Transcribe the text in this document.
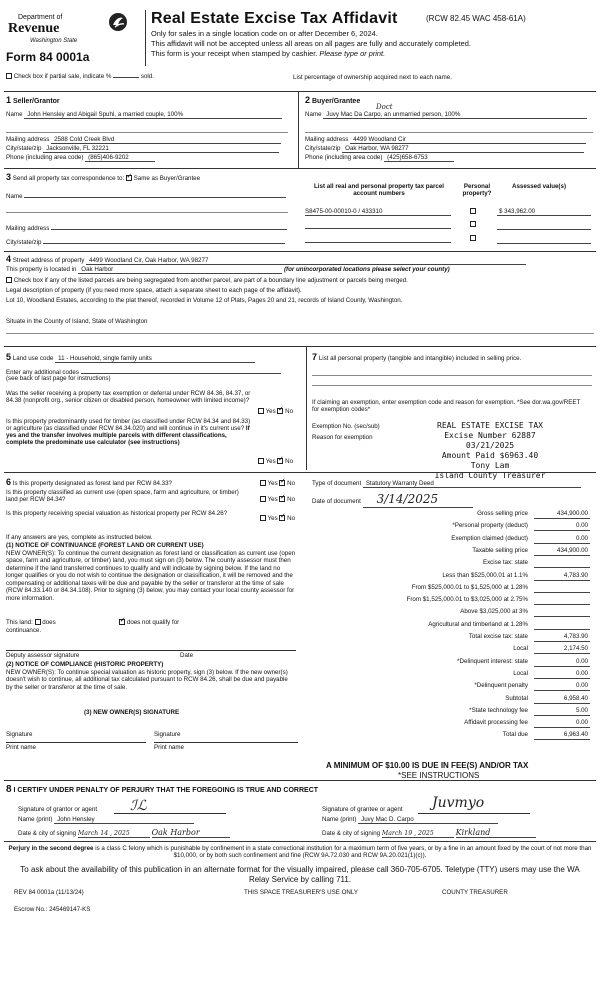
Department of
Revenue
Washington State
Form 84 0001a
Real Estate Excise Tax Affidavit	(RCW 82.45 WAC 458-61A)
Only for sales in a single location code on or after December 6, 2024.
This affidavit will not be accepted unless all areas on all pages are fully and accurately completed.
This form is your receipt when stamped by cashier. Please type or print.
Check box if partial sale, indicate %	sold.	List percentage of ownership acquired next to each name.
1 Seller/Grantor
Name John Hensley and Abigail Spuhl, a married couple, 100%
Mailing address 2588 Cold Creek Blvd
City/state/zip Jacksonville, FL 32221
Phone (including area code) (865)406-9202
2 Buyer/Grantee
Doct
Name Juvy Mac Da Carpo, an unmarried person, 100%
Mailing address 4499 Woodland Cir
City/state/zip Oak Harbor, WA 98277
Phone (including area code) (425)658-6753
3 Send all property tax correspondence to: ✓ Same as Buyer/Grantee
Name
Mailing address
City/state/zip
List all real and personal property tax parcel account numbers
Personal property?
Assessed value(s)
S8475-00-00010-0 / 433310	$ 343,962.00
4 Street address of property 4499 Woodland Cir, Oak Harbor, WA 98277
This property is located in Oak Harbor	(for unincorporated locations please select your county)
Check box if any of the listed parcels are being segregated from another parcel, are part of a boundary line adjustment or parcels being merged.
Legal description of property (if you need more space, attach a separate sheet to each page of the affidavit).
Lot 10, Woodland Estates, according to the plat thereof, recorded in Volume 12 of Plats, Pages 20 and 21, records of Island County, Washington.
Situate in the County of Island, State of Washington
5 Land use code 11 - Household, single family units
Enter any additional codes
(see back of last page for instructions)
Was the seller receiving a property tax exemption or deferral under RCW 84.36, 84.37, or 84.38 (nonprofit org., senior citizen or disabled person, homeowner with limited income)?
Yes ✓ No
Is this property predominantly used for timber (as classified under RCW 84.34 and 84.33) or agriculture (as classified under RCW 84.34.020) and will continue in it's current use? If yes and the transfer involves multiple parcels with different classifications, complete the predominate use calculator (see instructions)
Yes ✓ No
7 List all personal property (tangible and intangible) included in selling price.
If claiming an exemption, enter exemption code and reason for exemption. *See dor.wa.gov/REET for exemption codes*
Exemption No. (sec/sub)
Reason for exemption
REAL ESTATE EXCISE TAX
Excise Number 62887
03/21/2025
Amount Paid $6963.40
Tony Lam
Island County Treasurer
6 Is this property designated as forest land per RCW 84.33?	Yes ✓ No
Is this property classified as current use (open space, farm and agriculture, or timber) land per RCW 84.34?	Yes ✓ No
Is this property receiving special valuation as historical property per RCW 84.26?
Yes ✓ No
If any answers are yes, complete as instructed below.
(1) NOTICE OF CONTINUANCE (FOREST LAND OR CURRENT USE)
NEW OWNER(S): To continue the current designation as forest land or classification as current use (open space, farm and agriculture, or timber) land, you must sign on (3) below. The county assessor must then determine if the land transferred continues to qualify and will indicate by signing below. If the land no longer qualifies or you do not wish to continue the designation or classification, it will be removed and the compensating or additional taxes will be due and payable by the seller or transferor at the time of sale (RCW 84.33.140 or 84.34.108). Prior to signing (3) below, you may contact your local county assessor for more information.
This land: does ✓	does not qualify for
continuance.
Deputy assessor signature	Date
(2) NOTICE OF COMPLIANCE (HISTORIC PROPERTY)
NEW OWNER(S): To continue special valuation as historic property, sign (3) below. If the new owner(s) doesn't wish to continue, all additional tax calculated pursuant to RCW 84.26, shall be due and payable by the seller or transferor at the time of sale.
(3) NEW OWNER(S) SIGNATURE
Signature	Signature
Print name	Print name
Type of document Statutory Warranty Deed
Date of document 3/14/2025
Gross selling price	434,900.00
*Personal property (deduct)	0.00
Exemption claimed (deduct)	0.00
Taxable selling price	434,900.00
Excise tax: state
Less than $525,000.01 at 1.1%	4,783.90
From $525,000.01 to $1,525,000 at 1.28%
From $1,525,000.01 to $3,025,000 at 2.75%
Above $3,025,000 at 3%
Agricultural and timberland at 1.28%
Total excise tax: state	4,783.90
Local	2,174.50
*Delinquent interest: state	0.00
Local	0.00
*Delinquent penalty	0.00
Subtotal	6,958.40
*State technology fee	5.00
Affidavit processing fee	0.00
Total due	6,963.40
A MINIMUM OF $10.00 IS DUE IN FEE(S) AND/OR TAX
*SEE INSTRUCTIONS
8 I CERTIFY UNDER PENALTY OF PERJURY THAT THE FOREGOING IS TRUE AND CORRECT
Signature of grantor or agent ℐℒ
Name (print) John Hensley
Date & city of signing March 14 , 2025	Oak Harbor
Signature of grantee or agent Juvmyo
Name (print) Juvy Mac D. Carpo
Date & city of signing March 19 , 2025	Kirkland
Perjury in the second degree is a class C felony which is punishable by confinement in a state correctional institution for a maximum term of five years, or by a fine in an amount fixed by the court of not more than $10,000, or by both such confinement and fine (RCW 9A.72.030 and RCW 9A.20.021(1)(c)).
To ask about the availability of this publication in an alternate format for the visually impaired, please call 360-705-6705. Teletype (TTY) users may use the WA Relay Service by calling 711.
REV 84 0001a (11/13/24)	THIS SPACE TREASURER'S USE ONLY	COUNTY TREASURER
Escrow No.: 245469147-KS
